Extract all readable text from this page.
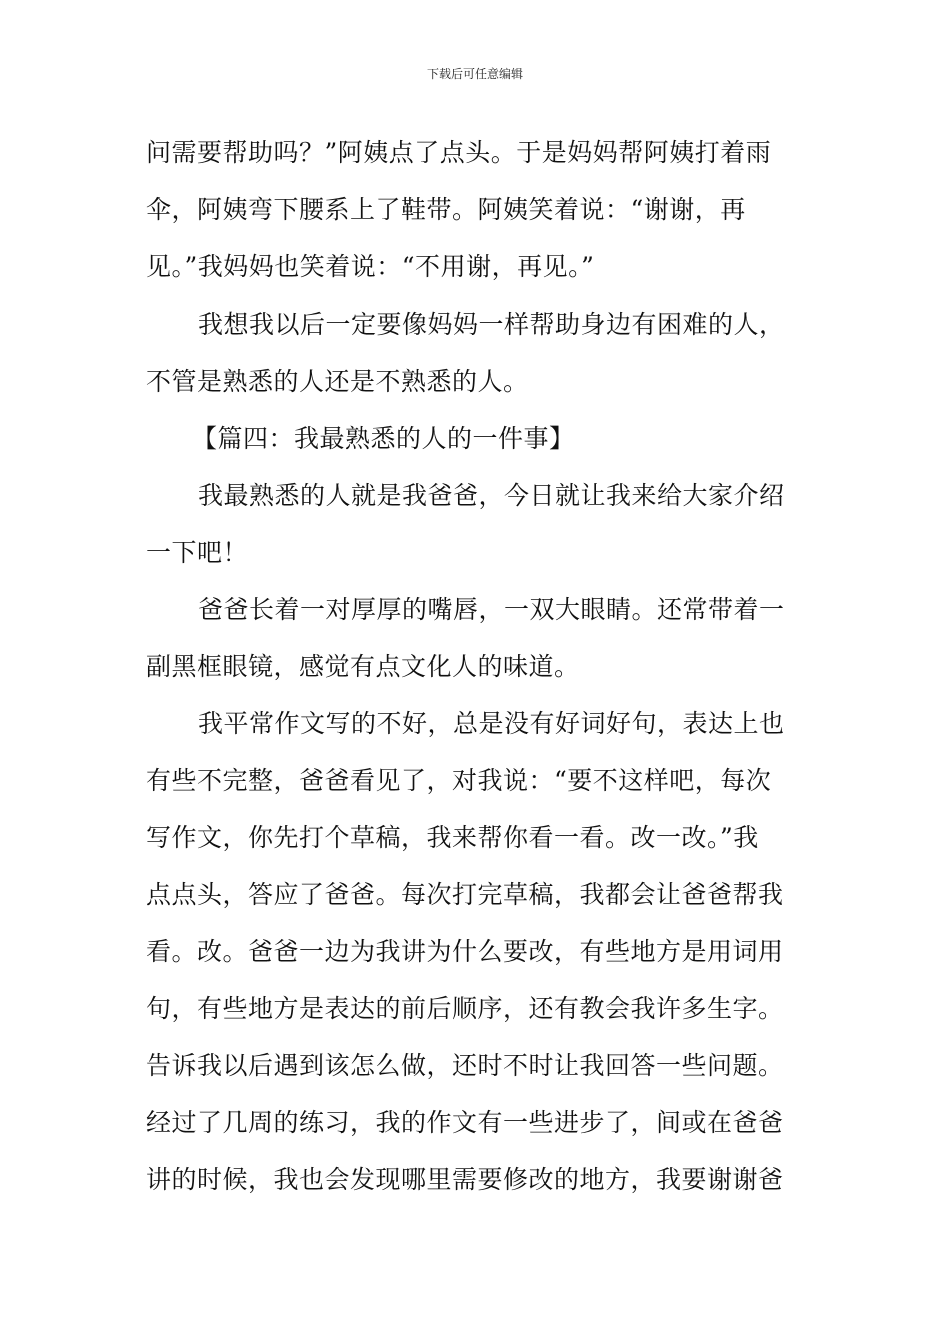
下载后可任意编辑
问需要帮助吗？”阿姨点了点头。于是妈妈帮阿姨打着雨
伞，阿姨弯下腰系上了鞋带。阿姨笑着说：“谢谢，再
见。”我妈妈也笑着说：“不用谢，再见。”
我想我以后一定要像妈妈一样帮助身边有困难的人，
不管是熟悉的人还是不熟悉的人。
【篇四：我最熟悉的人的一件事】
我最熟悉的人就是我爸爸，今日就让我来给大家介绍
一下吧！
爸爸长着一对厚厚的嘴唇，一双大眼睛。还常带着一
副黑框眼镜，感觉有点文化人的味道。
我平常作文写的不好，总是没有好词好句，表达上也
有些不完整，爸爸看见了，对我说：“要不这样吧，每次
写作文，你先打个草稿，我来帮你看一看。改一改。”我
点点头，答应了爸爸。每次打完草稿，我都会让爸爸帮我
看。改。爸爸一边为我讲为什么要改，有些地方是用词用
句，有些地方是表达的前后顺序，还有教会我许多生字。
告诉我以后遇到该怎么做，还时不时让我回答一些问题。
经过了几周的练习，我的作文有一些进步了，间或在爸爸
讲的时候，我也会发现哪里需要修改的地方，我要谢谢爸
